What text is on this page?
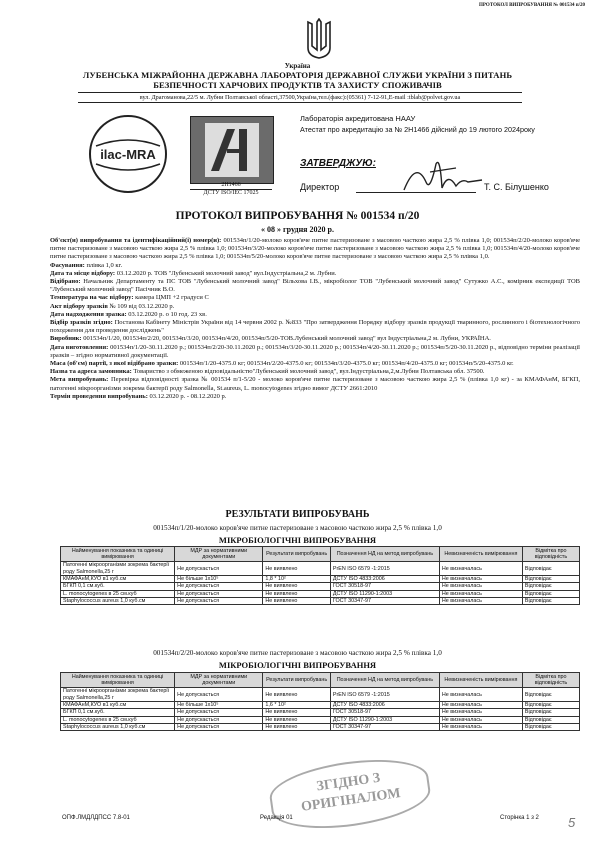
ПРОТОКОЛ ВИПРОБУВАННЯ № 001534 п/20
Україна
ЛУБЕНСЬКА МІЖРАЙОННА ДЕРЖАВНА ЛАБОРАТОРІЯ ДЕРЖАВНОЇ СЛУЖБИ УКРАЇНИ З ПИТАНЬ
БЕЗПЕЧНОСТІ ХАРЧОВИХ ПРОДУКТІВ ТА ЗАХИСТУ СПОЖИВАЧІВ
вул. Драгоманова,22/5 м. Лубни Полтавської області,37500,Україна,тел.(факс):(05361) 7-12-91,E-mail :tblab@polvet.gov.ua
ilac-MRA
2H1466
ДСТУ ISO/IEC 17025
Лабораторія акредитована НААУ
Атестат про акредитацію за № 2Н1466 дійсний до 19 лютого 2024року
ЗАТВЕРДЖУЮ:
Директор	Т. С. Білушенко
ПРОТОКОЛ ВИПРОБУВАННЯ № 001534 п/20
« 08 » грудня 2020 р.

Об'єкт(и) випробування та ідентифікаційний(і) номер(и): 001534п/1/20-молоко коров'яче питне пастеризоване з масовою часткою жира 2,5 % плівка 1,0; 001534п/2/20-молоко коров'яче питне пастеризоване з масовою часткою жира 2,5 % плівка 1,0; 001534п/3/20-молоко коров'яче питне пастеризоване з масовою часткою жира 2,5 % плівка 1,0; 001534п/4/20-молоко коров'яче питне пастеризоване з масовою часткою жира 2,5 % плівка 1,0; 001534п/5/20-молоко коров'яче питне пастеризоване з масовою часткою жира 2,5 % плівка 1,0.

Фасування: плівка 1,0 кг.

Дата та місце відбору: 03.12.2020 р. ТОВ "Лубенський молочний завод" вул.Індустріальна,2 м. Лубни.

Відібрано: Начальник Департаменту та ПС ТОВ "Лубенський молочний завод" Вільхова І.В., мікробіолог ТОВ "Лубенський молочний завод" Сутужко А.С., комірник експедиції ТОВ "Лубенський молочний завод" Пасічник В.О.

Температура на час відбору: камера ЦМП +2 градуси С

Акт відбору зразків № 109 від 03.12.2020 р.

Дата надходження зразка: 03.12.2020 р. о 10 год. 23 хв.

Відбір зразків згідно: Постанова Кабінету Міністрів України від 14 червня 2002 р. №833 "Про затвердження Порядку відбору зразків продукції тваринного, рослинного і біотехнологічного походження для проведення досліджень"

Виробник: 001534п/1/20, 001534п/2/20, 001534п/3/20, 001534п/4/20, 001534п/5/20-ТОВ.Лубенський молочний завод" вул Індустріальна,2 м. Лубни, УКРАЇНА.

Дата виготовлення: 001534п/1/20-30.11.2020 р.; 001534п/2/20-30.11.2020 р.; 001534п/3/20-30.11.2020 р.; 001534п/4/20-30.11.2020 р.; 001534п/5/20-30.11.2020 р., відповідно терміни реалізації зразків – згідно нормативної документації.

Маса (об'єм) партії, з якої відібрано зразки: 001534п/1/20-4375.0 кг; 001534п/2/20-4375.0 кг; 001534п/3/20-4375.0 кг; 001534п/4/20-4375.0 кг; 001534п/5/20-4375.0 кг.

Назва та адреса замовника: Товариство з обмеженою відповідальністю"Лубенський молочний завод", вул.Індустріальна,2,м.Лубни Полтавська обл. 37500.

Мета випробувань: Перевірка відповідності зразка № 001534 п/1-5/20 - молоко коров'яче питне пастеризоване з масовою часткою жира 2,5 % (плівка 1,0 кг) - за КМАФАнМ, БГКП, патогенні мікроорганізми зокрема бактерії роду Salmonella, St.aureus, L. monocytogenes згідно вимог ДСТУ 2661:2010

Термін проведення випробувань: 03.12.2020 р. - 08.12.2020 р.

РЕЗУЛЬТАТИ ВИПРОБУВАНЬ
001534п/1/20-молоко коров'яче питне пастеризоване з масовою часткою жира 2,5 % плівка 1,0
МІКРОБІОЛОГІЧНІ ВИПРОБУВАННЯ
Найменування показника та одиниці вимірювання	МДР за нормативними документами	Результати випробувань	Позначення НД на метод випробувань	Невизначеність вимірювання	Відмітка про відповідність
Патогенні мікроорганізми зокрема бактерії роду Salmonella,25 г	Не допускається	Не виявлено	PrEN ISO 6579 -1:2015	Не визначалась	Відповідає
КМАФАнМ,КУО в1 куб.см	Не більше 1х10⁵	1,8 * 10²	ДСТУ ISO 4833:2006	Не визначалась	Відповідає
БГКП 0,1 см.куб.	Не допускається	Не виявлено	ГОСТ 30518-97	Не визначалась	Відповідає
L. monocytogenes в 25 см.куб	Не допускається	Не виявлено	ДСТУ ISO 11290-1:2003	Не визначалась	Відповідає
Staphylococcus aureus 1,0 куб.см	Не допускається	Не виявлено	ГОСТ 30347-97	Не визначалась	Відповідає
001534п/2/20-молоко коров'яче питне пастеризоване з масовою часткою жира 2,5 % плівка 1,0
МІКРОБІОЛОГІЧНІ ВИПРОБУВАННЯ
Найменування показника та одиниці вимірювання	МДР за нормативними документами	Результати випробувань	Позначення НД на метод випробувань	Невизначеність вимірювання	Відмітка про відповідність
Патогенні мікроорганізми зокрема бактерії роду Salmonella,25 г	Не допускається	Не виявлено	PrEN ISO 6579 -1:2015	Не визначалась	Відповідає
КМАФАнМ,КУО в1 куб.см	Не більше 1х10⁵	1,6 * 10²	ДСТУ ISO 4833:2006	Не визначалась	Відповідає
БГКП 0,1 см.куб.	Не допускається	Не виявлено	ГОСТ 30518-97	Не визначалась	Відповідає
L. monocytogenes в 25 см.куб	Не допускається	Не виявлено	ДСТУ ISO 11290-1:2003	Не визначалась	Відповідає
Staphylococcus aureus 1,0 куб.см	Не допускається	Не виявлено	ГОСТ 30347-97	Не визначалась	Відповідає
ЗГІДНО З ОРИГІНАЛОМ
ОПФ.ЛМДЛДПСС 7.8-01	Редакція 01	Сторінка 1 з 2 5
